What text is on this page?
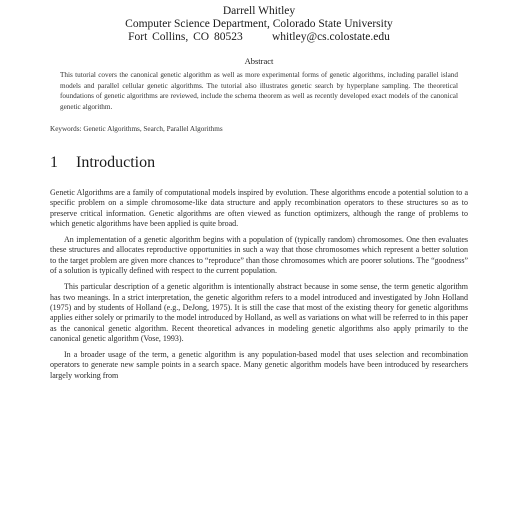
Darrell Whitley
Computer Science Department, Colorado State University
Fort Collins, CO 80523	whitley@cs.colostate.edu
Abstract
This tutorial covers the canonical genetic algorithm as well as more experimental forms of genetic algorithms, including parallel island models and parallel cellular genetic algorithms. The tutorial also illustrates genetic search by hyperplane sampling. The theoretical foundations of genetic algorithms are reviewed, include the schema theorem as well as recently developed exact models of the canonical genetic algorithm.
Keywords: Genetic Algorithms, Search, Parallel Algorithms
1	Introduction

Genetic Algorithms are a family of computational models inspired by evolution. These algorithms encode a potential solution to a specific problem on a simple chromosome-like data structure and apply recombination operators to these structures so as to preserve critical information. Genetic algorithms are often viewed as function optimizers, although the range of problems to which genetic algorithms have been applied is quite broad.

An implementation of a genetic algorithm begins with a population of (typically random) chromosomes. One then evaluates these structures and allocates reproductive opportunities in such a way that those chromosomes which represent a better solution to the target problem are given more chances to “reproduce” than those chromosomes which are poorer solutions. The “goodness” of a solution is typically defined with respect to the current population.

This particular description of a genetic algorithm is intentionally abstract because in some sense, the term genetic algorithm has two meanings. In a strict interpretation, the genetic algorithm refers to a model introduced and investigated by John Holland (1975) and by students of Holland (e.g., DeJong, 1975). It is still the case that most of the existing theory for genetic algorithms applies either solely or primarily to the model introduced by Holland, as well as variations on what will be referred to in this paper as the canonical genetic algorithm. Recent theoretical advances in modeling genetic algorithms also apply primarily to the canonical genetic algorithm (Vose, 1993).

In a broader usage of the term, a genetic algorithm is any population-based model that uses selection and recombination operators to generate new sample points in a search space. Many genetic algorithm models have been introduced by researchers largely working from
